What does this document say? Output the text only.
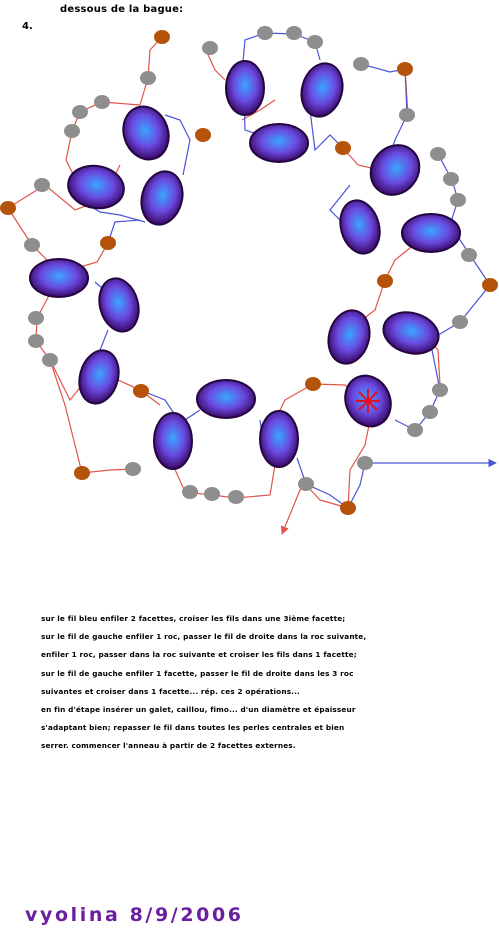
dessous de la bague:
4.
sur le fil bleu enfiler 2 facettes, croiser les fils dans une 3ième facette;
sur le fil de gauche enfiler 1 roc, passer le fil de droite dans la roc suivante,
enfiler 1 roc, passer dans la roc suivante et croiser les fils dans 1 facette;
sur le fil de gauche enfiler 1 facette, passer le fil de droite dans les 3 roc
suivantes et croiser dans 1 facette... rép. ces 2 opérations...
en fin d'étape insérer un galet, caillou, fimo... d'un diamètre et épaisseur
s'adaptant bien; repasser le fil dans toutes les perles centrales et bien
serrer. commencer l'anneau à partir de 2 facettes externes.
vyolina 8/9/2006
